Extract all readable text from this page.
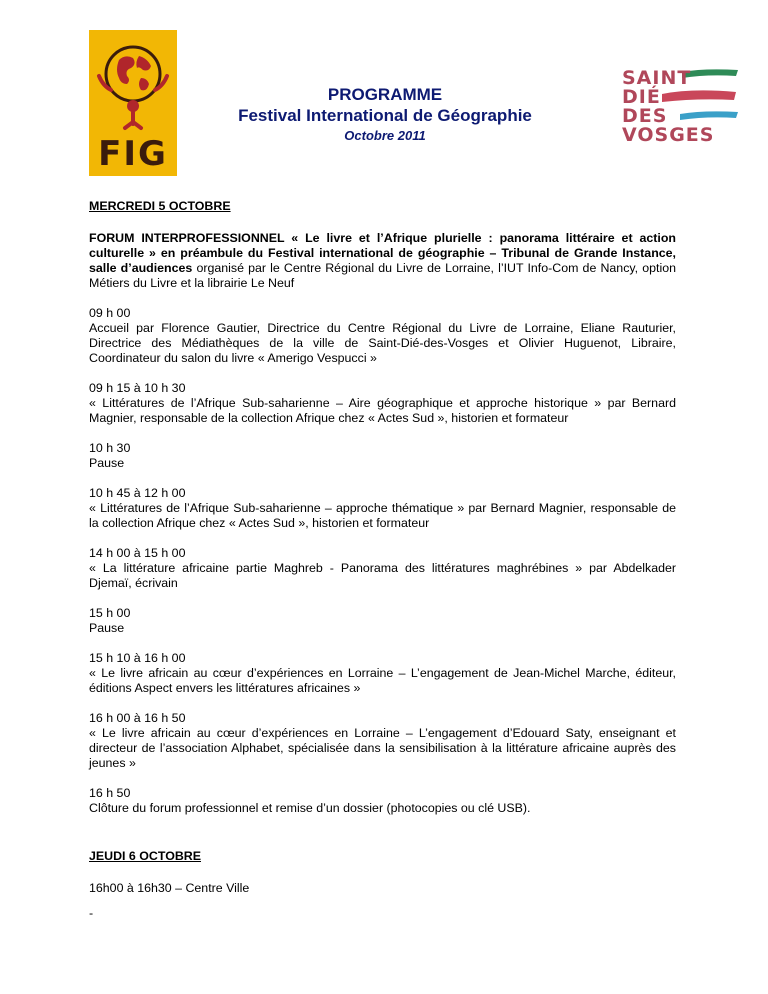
FIG
PROGRAMME
Festival International de Géographie
Octobre 2011
SAINT
DIÉ
DES
VOSGES
MERCREDI 5 OCTOBRE
FORUM INTERPROFESSIONNEL « Le livre et l’Afrique plurielle : panorama littéraire et action culturelle » en préambule du Festival international de géographie – Tribunal de Grande Instance, salle d’audiences organisé par le Centre Régional du Livre de Lorraine, l’IUT Info-Com de Nancy, option Métiers du Livre et la librairie Le Neuf
09 h 00
Accueil par Florence Gautier, Directrice du Centre Régional du Livre de Lorraine, Eliane Rauturier, Directrice des Médiathèques de la ville de Saint-Dié-des-Vosges et Olivier Huguenot, Libraire, Coordinateur du salon du livre « Amerigo Vespucci »
09 h 15 à 10 h 30
« Littératures de l’Afrique Sub-saharienne – Aire géographique et approche historique » par Bernard Magnier, responsable de la collection Afrique chez « Actes Sud », historien et formateur
10 h 30
Pause
10 h 45 à 12 h 00
« Littératures de l’Afrique Sub-saharienne – approche thématique » par Bernard Magnier, responsable de la collection Afrique chez « Actes Sud », historien et formateur
14 h 00 à 15 h 00
« La littérature africaine partie Maghreb - Panorama des littératures maghrébines » par Abdelkader Djemaï, écrivain
15 h 00
Pause
15 h 10 à 16 h 00
« Le livre africain au cœur d’expériences en Lorraine – L’engagement de Jean-Michel Marche, éditeur, éditions Aspect envers les littératures africaines »
16 h 00 à 16 h 50
« Le livre africain au cœur d’expériences en Lorraine – L’engagement d’Edouard Saty, enseignant et directeur de l’association Alphabet, spécialisée dans la sensibilisation à la littérature africaine auprès des jeunes »
16 h 50
Clôture du forum professionnel et remise d’un dossier (photocopies ou clé USB).
JEUDI 6 OCTOBRE
16h00 à 16h30 – Centre Ville
-
